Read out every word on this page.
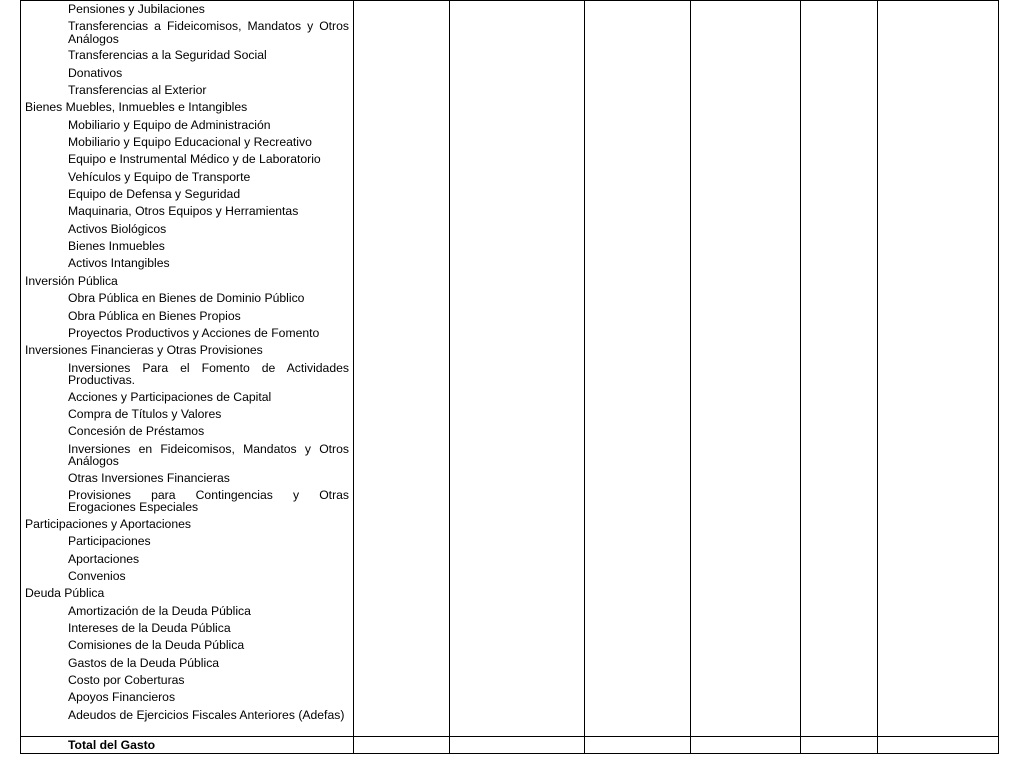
Pensiones y Jubilaciones						

Transferencias a Fideicomisos, Mandatos y Otros Análogos						

Transferencias a la Seguridad Social						

Donativos						

Transferencias al Exterior						

Bienes Muebles, Inmuebles e Intangibles						

Mobiliario y Equipo de Administración						

Mobiliario y Equipo Educacional y Recreativo						

Equipo e Instrumental Médico y de Laboratorio						

Vehículos y Equipo de Transporte						

Equipo de Defensa y Seguridad						

Maquinaria, Otros Equipos y Herramientas						

Activos Biológicos						

Bienes Inmuebles						

Activos Intangibles						

Inversión Pública						

Obra Pública en Bienes de Dominio Público						

Obra Pública en Bienes Propios						

Proyectos Productivos y Acciones de Fomento						

Inversiones Financieras y Otras Provisiones						

Inversiones Para el Fomento de Actividades Productivas.						

Acciones y Participaciones de Capital						

Compra de Títulos y Valores						

Concesión de Préstamos						

Inversiones en Fideicomisos, Mandatos y Otros Análogos						

Otras Inversiones Financieras						

Provisiones para Contingencias y Otras Erogaciones Especiales						

Participaciones y Aportaciones						

Participaciones						

Aportaciones						

Convenios						

Deuda Pública						

Amortización de la Deuda Pública						

Intereses de la Deuda Pública						

Comisiones de la Deuda Pública						

Gastos de la Deuda Pública						

Costo por Coberturas						

Apoyos Financieros						

Adeudos de Ejercicios Fiscales Anteriores (Adefas)						

Total del Gasto						
